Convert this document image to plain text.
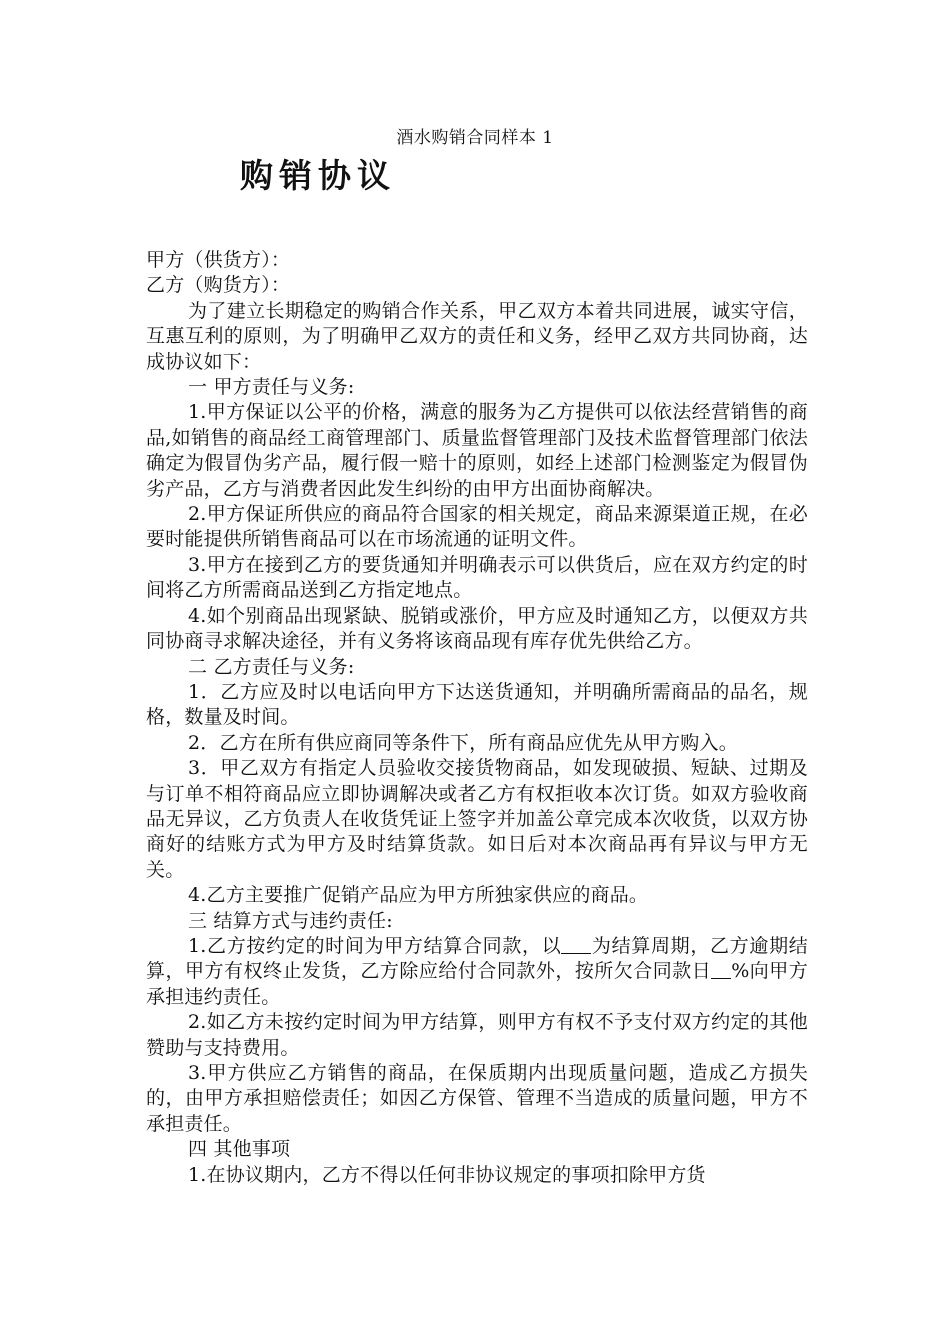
酒水购销合同样本 1
购销协议

甲方（供货方）：

乙方（购货方）：

为了建立长期稳定的购销合作关系，甲乙双方本着共同进展，诚实守信，互惠互利的原则，为了明确甲乙双方的责任和义务，经甲乙双方共同协商，达成协议如下：

一 甲方责任与义务:

1.甲方保证以公平的价格，满意的服务为乙方提供可以依法经营销售的商品,如销售的商品经工商管理部门、质量监督管理部门及技术监督管理部门依法确定为假冒伪劣产品，履行假一赔十的原则，如经上述部门检测鉴定为假冒伪劣产品，乙方与消费者因此发生纠纷的由甲方出面协商解决。

2.甲方保证所供应的商品符合国家的相关规定，商品来源渠道正规，在必要时能提供所销售商品可以在市场流通的证明文件。

3.甲方在接到乙方的要货通知并明确表示可以供货后，应在双方约定的时间将乙方所需商品送到乙方指定地点。

4.如个别商品出现紧缺、脱销或涨价，甲方应及时通知乙方，以便双方共同协商寻求解决途径，并有义务将该商品现有库存优先供给乙方。

二 乙方责任与义务:

1．乙方应及时以电话向甲方下达送货通知，并明确所需商品的品名，规格，数量及时间。

2．乙方在所有供应商同等条件下，所有商品应优先从甲方购入。

3．甲乙双方有指定人员验收交接货物商品，如发现破损、短缺、过期及与订单不相符商品应立即协调解决或者乙方有权拒收本次订货。如双方验收商品无异议，乙方负责人在收货凭证上签字并加盖公章完成本次收货，以双方协商好的结账方式为甲方及时结算货款。如日后对本次商品再有异议与甲方无关。

4.乙方主要推广促销产品应为甲方所独家供应的商品。

三 结算方式与违约责任:

1.乙方按约定的时间为甲方结算合同款，以 为结算周期，乙方逾期结算，甲方有权终止发货，乙方除应给付合同款外，按所欠合同款日 %向甲方承担违约责任。

2.如乙方未按约定时间为甲方结算，则甲方有权不予支付双方约定的其他赞助与支持费用。

3.甲方供应乙方销售的商品，在保质期内出现质量问题，造成乙方损失的，由甲方承担赔偿责任；如因乙方保管、管理不当造成的质量问题，甲方不承担责任。

四 其他事项

1.在协议期内，乙方不得以任何非协议规定的事项扣除甲方货
